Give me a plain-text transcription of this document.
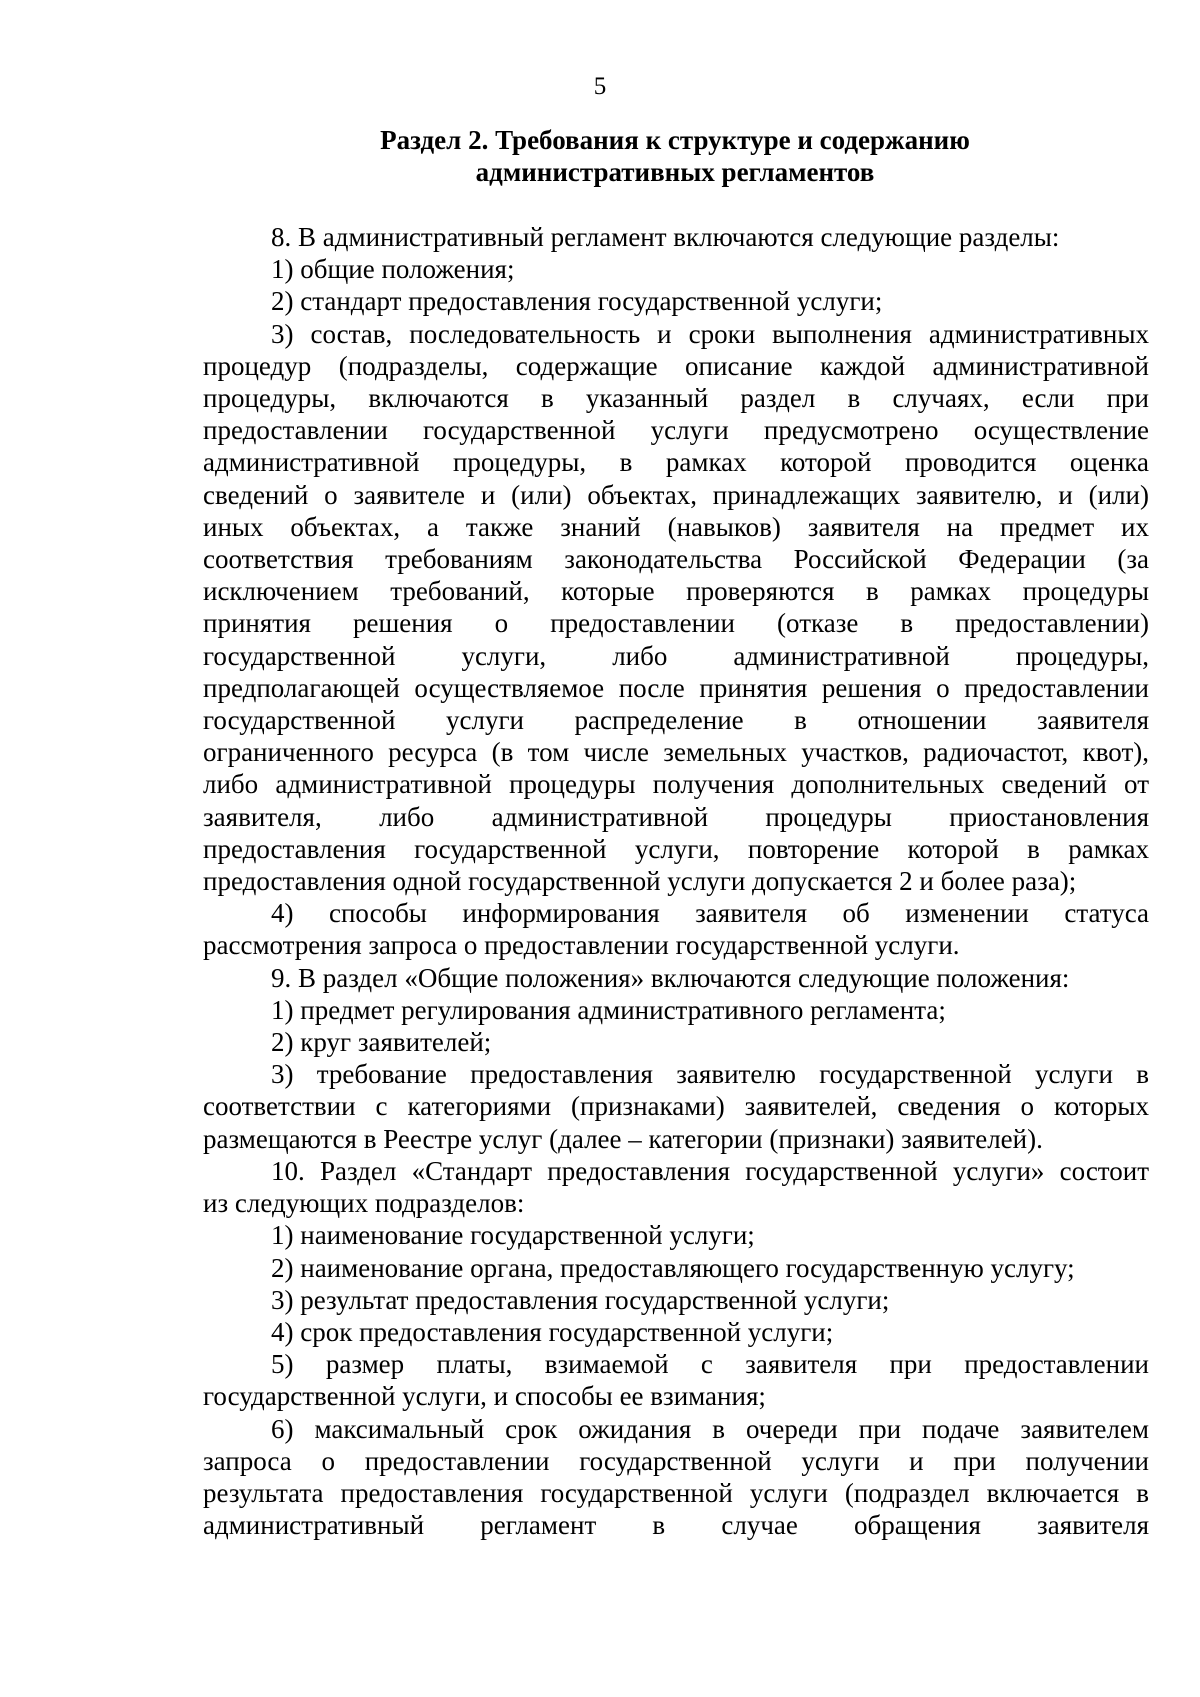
5
Раздел 2. Требования к структуре и содержанию
административных регламентов
8. В административный регламент включаются следующие разделы:
1) общие положения;
2) стандарт предоставления государственной услуги;
3) состав, последовательность и сроки выполнения административных
процедур (подразделы, содержащие описание каждой административной
процедуры, включаются в указанный раздел в случаях, если при
предоставлении государственной услуги предусмотрено осуществление
административной процедуры, в рамках которой проводится оценка
сведений о заявителе и (или) объектах, принадлежащих заявителю, и (или)
иных объектах, а также знаний (навыков) заявителя на предмет их
соответствия требованиям законодательства Российской Федерации (за
исключением требований, которые проверяются в рамках процедуры
принятия решения о предоставлении (отказе в предоставлении)
государственной услуги, либо административной процедуры,
предполагающей осуществляемое после принятия решения о предоставлении
государственной услуги распределение в отношении заявителя
ограниченного ресурса (в том числе земельных участков, радиочастот, квот),
либо административной процедуры получения дополнительных сведений от
заявителя, либо административной процедуры приостановления
предоставления государственной услуги, повторение которой в рамках
предоставления одной государственной услуги допускается 2 и более раза);
4) способы информирования заявителя об изменении статуса
рассмотрения запроса о предоставлении государственной услуги.
9. В раздел «Общие положения» включаются следующие положения:
1) предмет регулирования административного регламента;
2) круг заявителей;
3) требование предоставления заявителю государственной услуги в
соответствии с категориями (признаками) заявителей, сведения о которых
размещаются в Реестре услуг (далее – категории (признаки) заявителей).
10. Раздел «Стандарт предоставления государственной услуги» состоит
из следующих подразделов:
1) наименование государственной услуги;
2) наименование органа, предоставляющего государственную услугу;
3) результат предоставления государственной услуги;
4) срок предоставления государственной услуги;
5) размер платы, взимаемой с заявителя при предоставлении
государственной услуги, и способы ее взимания;
6) максимальный срок ожидания в очереди при подаче заявителем
запроса о предоставлении государственной услуги и при получении
результата предоставления государственной услуги (подраздел включается в
административный регламент в случае обращения заявителя
